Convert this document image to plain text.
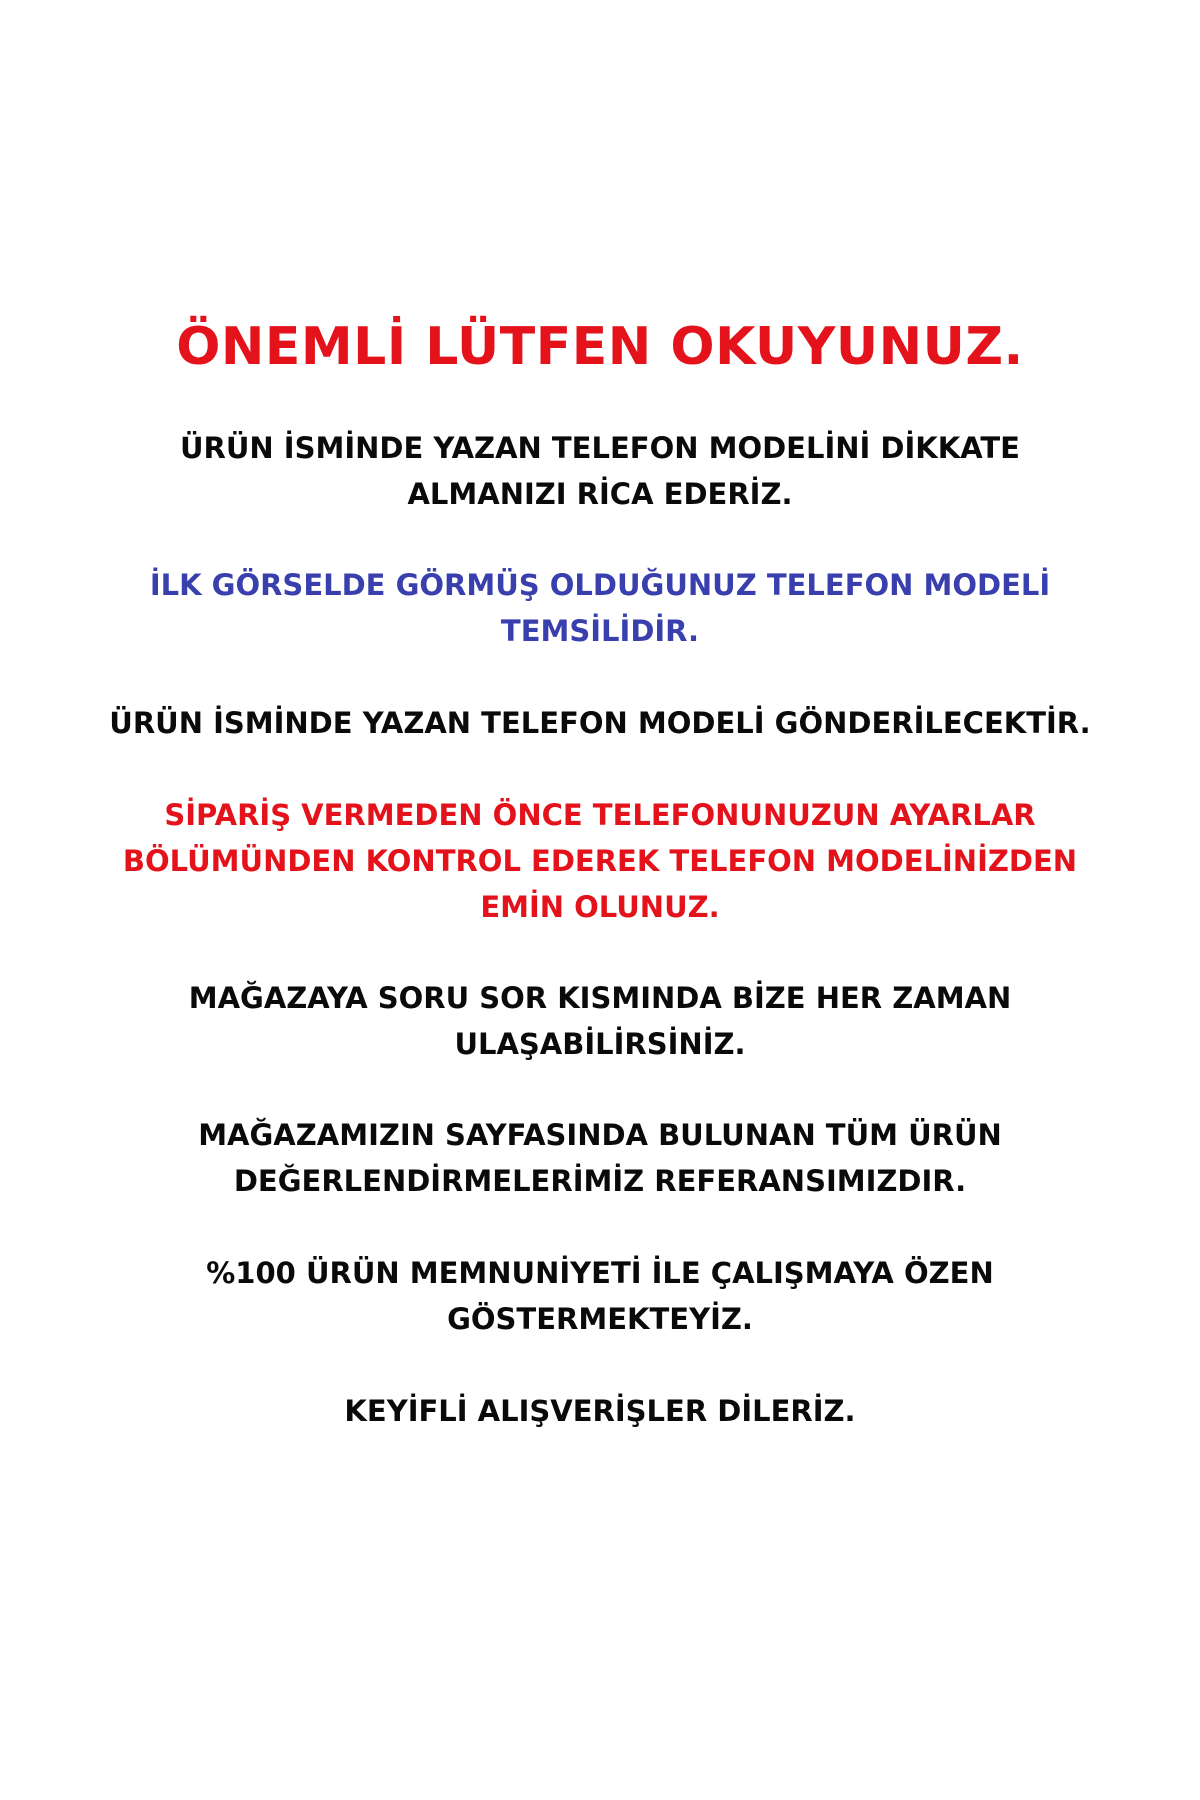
ÖNEMLİ LÜTFEN OKUYUNUZ.

ÜRÜN İSMİNDE YAZAN TELEFON MODELİNİ DİKKATE
ALMANIZI RİCA EDERİZ.

İLK GÖRSELDE GÖRMÜŞ OLDUĞUNUZ TELEFON MODELİ
TEMSİLİDİR.

ÜRÜN İSMİNDE YAZAN TELEFON MODELİ GÖNDERİLECEKTİR.

SİPARİŞ VERMEDEN ÖNCE TELEFONUNUZUN AYARLAR
BÖLÜMÜNDEN KONTROL EDEREK TELEFON MODELİNİZDEN
EMİN OLUNUZ.

MAĞAZAYA SORU SOR KISMINDA BİZE HER ZAMAN
ULAŞABİLİRSİNİZ.

MAĞAZAMIZIN SAYFASINDA BULUNAN TÜM ÜRÜN
DEĞERLENDİRMELERİMİZ REFERANSIMIZDIR.

%100 ÜRÜN MEMNUNİYETİ İLE ÇALIŞMAYA ÖZEN
GÖSTERMEKTEYİZ.

KEYİFLİ ALIŞVERİŞLER DİLERİZ.
